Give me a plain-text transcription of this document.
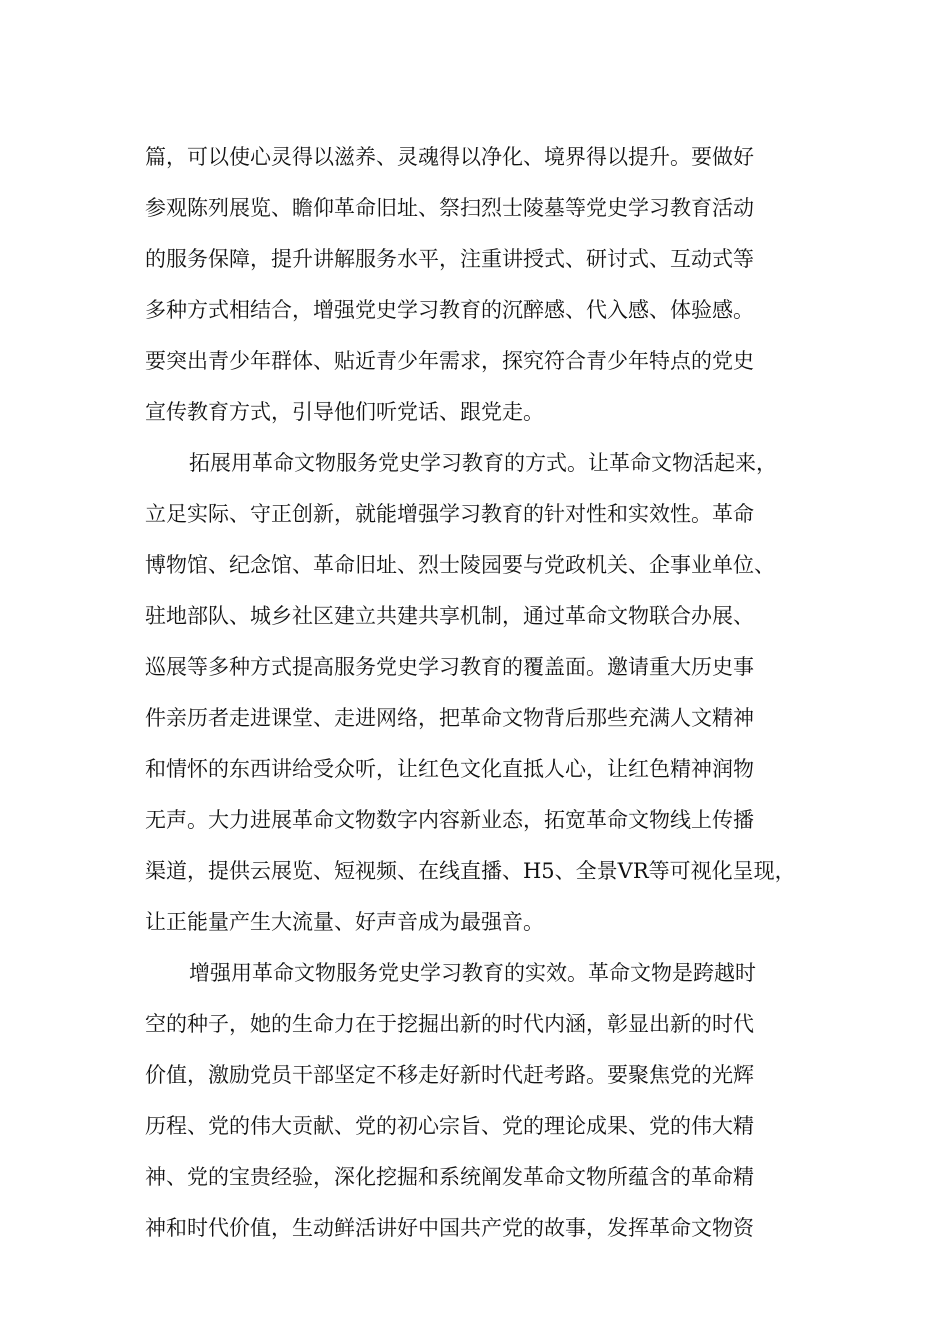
篇，可以使心灵得以滋养、灵魂得以净化、境界得以提升。要做好
参观陈列展览、瞻仰革命旧址、祭扫烈士陵墓等党史学习教育活动
的服务保障，提升讲解服务水平，注重讲授式、研讨式、互动式等
多种方式相结合，增强党史学习教育的沉醉感、代入感、体验感。
要突出青少年群体、贴近青少年需求，探究符合青少年特点的党史
宣传教育方式，引导他们听党话、跟党走。
拓展用革命文物服务党史学习教育的方式。让革命文物活起来，
立足实际、守正创新，就能增强学习教育的针对性和实效性。革命
博物馆、纪念馆、革命旧址、烈士陵园要与党政机关、企事业单位、
驻地部队、城乡社区建立共建共享机制，通过革命文物联合办展、
巡展等多种方式提高服务党史学习教育的覆盖面。邀请重大历史事
件亲历者走进课堂、走进网络，把革命文物背后那些充满人文精神
和情怀的东西讲给受众听，让红色文化直抵人心，让红色精神润物
无声。大力进展革命文物数字内容新业态，拓宽革命文物线上传播
渠道，提供云展览、短视频、在线直播、H5、全景VR等可视化呈现，
让正能量产生大流量、好声音成为最强音。
增强用革命文物服务党史学习教育的实效。革命文物是跨越时
空的种子，她的生命力在于挖掘出新的时代内涵，彰显出新的时代
价值，激励党员干部坚定不移走好新时代赶考路。要聚焦党的光辉
历程、党的伟大贡献、党的初心宗旨、党的理论成果、党的伟大精
神、党的宝贵经验，深化挖掘和系统阐发革命文物所蕴含的革命精
神和时代价值，生动鲜活讲好中国共产党的故事，发挥革命文物资
